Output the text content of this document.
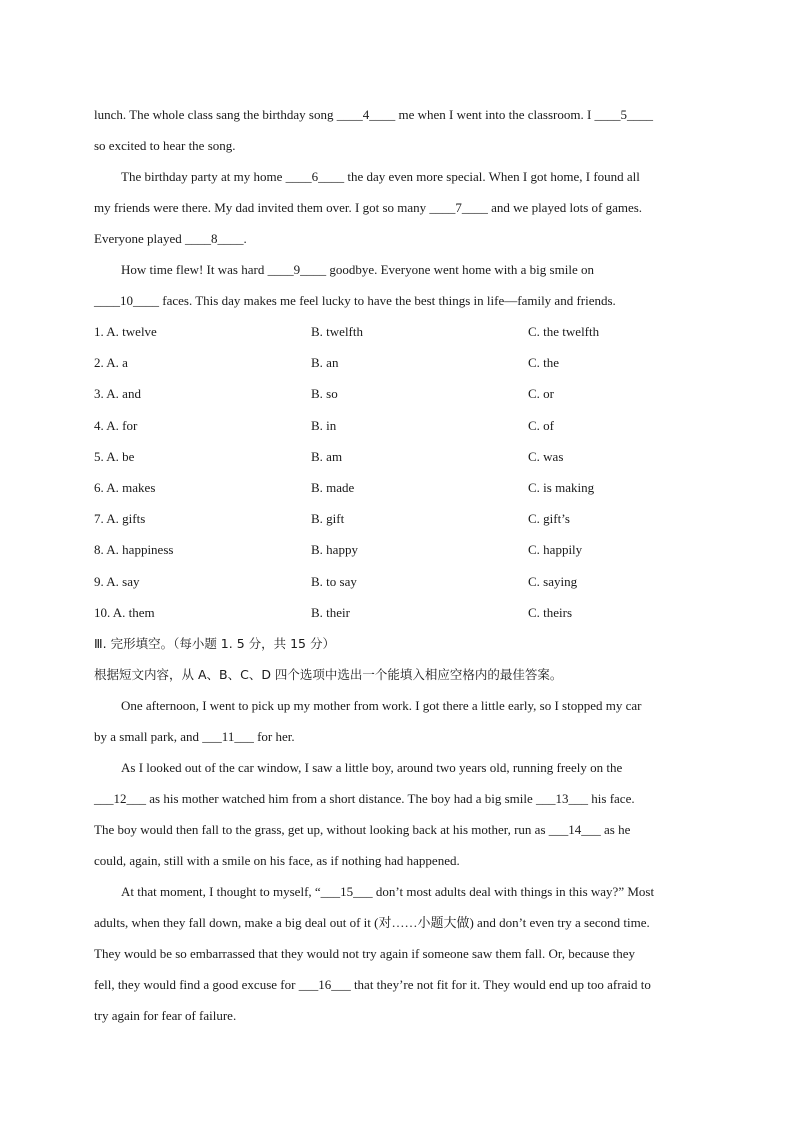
lunch. The whole class sang the birthday song ____4____ me when I went into the classroom. I ____5____

so excited to hear the song.

The birthday party at my home ____6____ the day even more special. When I got home, I found all

my friends were there. My dad invited them over. I got so many ____7____ and we played lots of games.

Everyone played ____8____.

How time flew! It was hard ____9____ goodbye. Everyone went home with a big smile on

____10____ faces. This day makes me feel lucky to have the best things in life—family and friends.

1. A. twelve	B. twelfth	C. the twelfth
2. A. a	B. an	C. the
3. A. and	B. so	C. or
4. A. for	B. in	C. of
5. A. be	B. am	C. was
6. A. makes	B. made	C. is making
7. A. gifts	B. gift	C. gift’s
8. A. happiness	B. happy	C. happily
9. A. say	B. to say	C. saying
10. A. them	B. their	C. theirs

Ⅲ. 完形填空。（每小题 1. 5 分，共 15 分）

根据短文内容，从 A、B、C、D 四个选项中选出一个能填入相应空格内的最佳答案。

One afternoon, I went to pick up my mother from work. I got there a little early, so I stopped my car

by a small park, and ___11___ for her.

As I looked out of the car window, I saw a little boy, around two years old, running freely on the

___12___ as his mother watched him from a short distance. The boy had a big smile ___13___ his face.

The boy would then fall to the grass, get up, without looking back at his mother, run as ___14___ as he

could, again, still with a smile on his face, as if nothing had happened.

At that moment, I thought to myself, “___15___ don’t most adults deal with things in this way?” Most

adults, when they fall down, make a big deal out of it (对……小题大做) and don’t even try a second time.

They would be so embarrassed that they would not try again if someone saw them fall. Or, because they

fell, they would find a good excuse for ___16___ that they’re not fit for it. They would end up too afraid to

try again for fear of failure.
